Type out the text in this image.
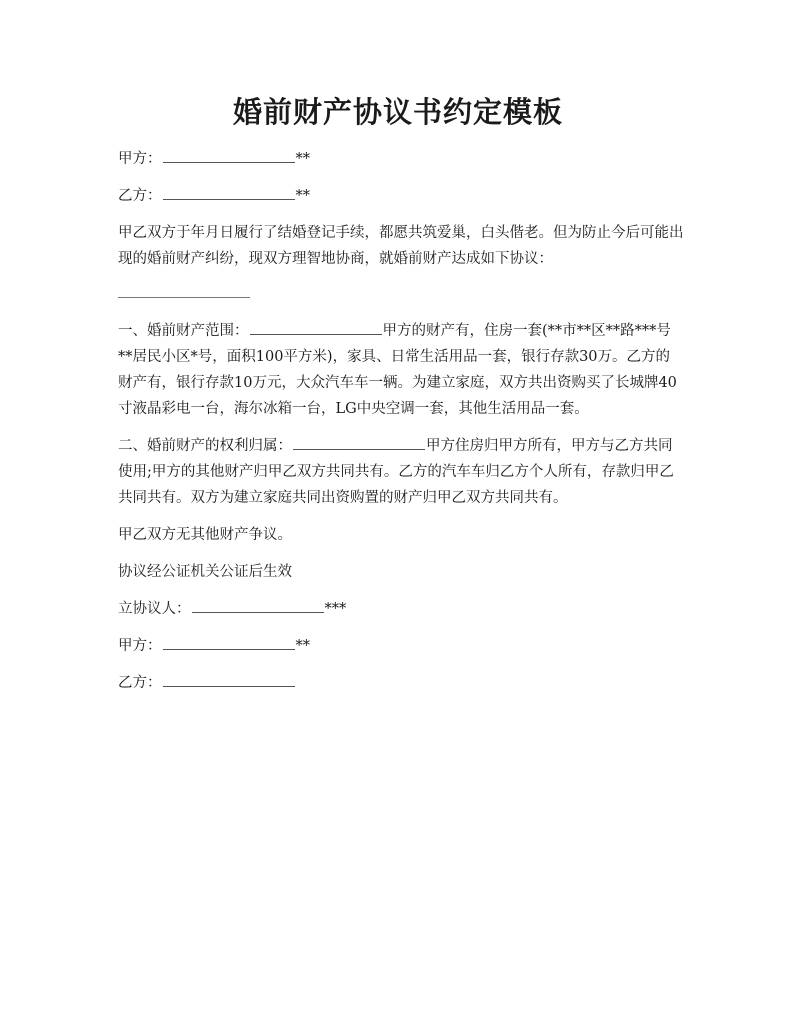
婚前财产协议书约定模板

甲方：	**

乙方：	**

甲乙双方于年月日履行了结婚登记手续，都愿共筑爱巢，白头偕老。但为防止今后可能出现的婚前财产纠纷，现双方理智地协商，就婚前财产达成如下协议：

一、婚前财产范围：	甲方的财产有，住房一套(**市**区**路***号**居民小区*号，面积100平方米)，家具、日常生活用品一套，银行存款30万。乙方的财产有，银行存款10万元，大众汽车车一辆。为建立家庭，双方共出资购买了长城牌40寸液晶彩电一台，海尔冰箱一台，LG中央空调一套，其他生活用品一套。

二、婚前财产的权利归属：	甲方住房归甲方所有，甲方与乙方共同使用;甲方的其他财产归甲乙双方共同共有。乙方的汽车车归乙方个人所有，存款归甲乙共同共有。双方为建立家庭共同出资购置的财产归甲乙双方共同共有。

甲乙双方无其他财产争议。

协议经公证机关公证后生效

立协议人：	***

甲方：	**

乙方：
